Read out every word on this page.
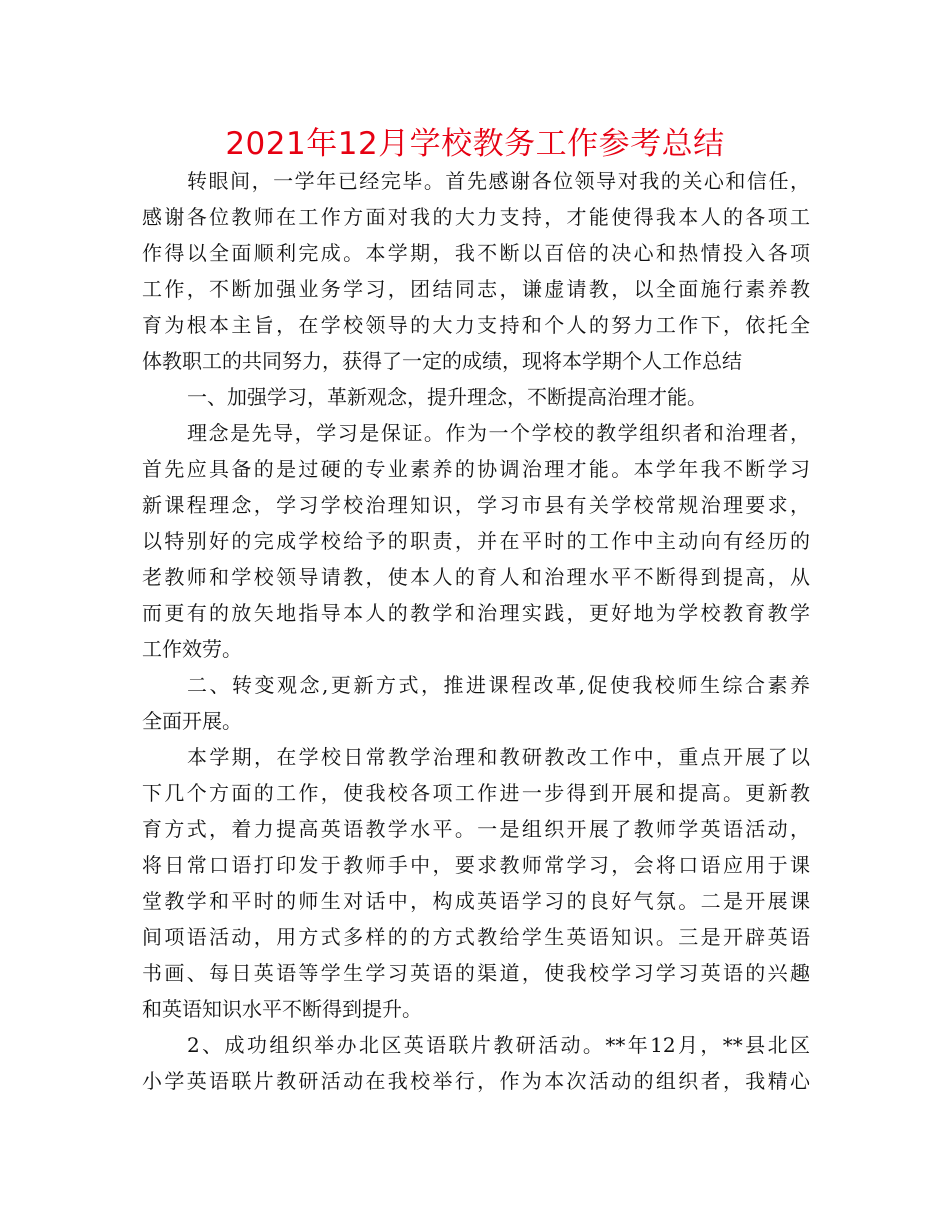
2021年12月学校教务工作参考总结
转眼间，一学年已经完毕。首先感谢各位领导对我的关心和信任，
感谢各位教师在工作方面对我的大力支持，才能使得我本人的各项工
作得以全面顺利完成。本学期，我不断以百倍的决心和热情投入各项
工作，不断加强业务学习，团结同志，谦虚请教，以全面施行素养教
育为根本主旨，在学校领导的大力支持和个人的努力工作下，依托全
体教职工的共同努力，获得了一定的成绩，现将本学期个人工作总结
一、加强学习，革新观念，提升理念，不断提高治理才能。
理念是先导，学习是保证。作为一个学校的教学组织者和治理者，
首先应具备的是过硬的专业素养的协调治理才能。本学年我不断学习
新课程理念，学习学校治理知识，学习市县有关学校常规治理要求，
以特别好的完成学校给予的职责，并在平时的工作中主动向有经历的
老教师和学校领导请教，使本人的育人和治理水平不断得到提高，从
而更有的放矢地指导本人的教学和治理实践，更好地为学校教育教学
工作效劳。
二、转变观念,更新方式，推进课程改革,促使我校师生综合素养
全面开展。
本学期，在学校日常教学治理和教研教改工作中，重点开展了以
下几个方面的工作，使我校各项工作进一步得到开展和提高。更新教
育方式，着力提高英语教学水平。一是组织开展了教师学英语活动，
将日常口语打印发于教师手中，要求教师常学习，会将口语应用于课
堂教学和平时的师生对话中，构成英语学习的良好气氛。二是开展课
间项语活动，用方式多样的的方式教给学生英语知识。三是开辟英语
书画、每日英语等学生学习英语的渠道，使我校学习学习英语的兴趣
和英语知识水平不断得到提升。
2、成功组织举办北区英语联片教研活动。**年12月，**县北区
小学英语联片教研活动在我校举行，作为本次活动的组织者，我精心
